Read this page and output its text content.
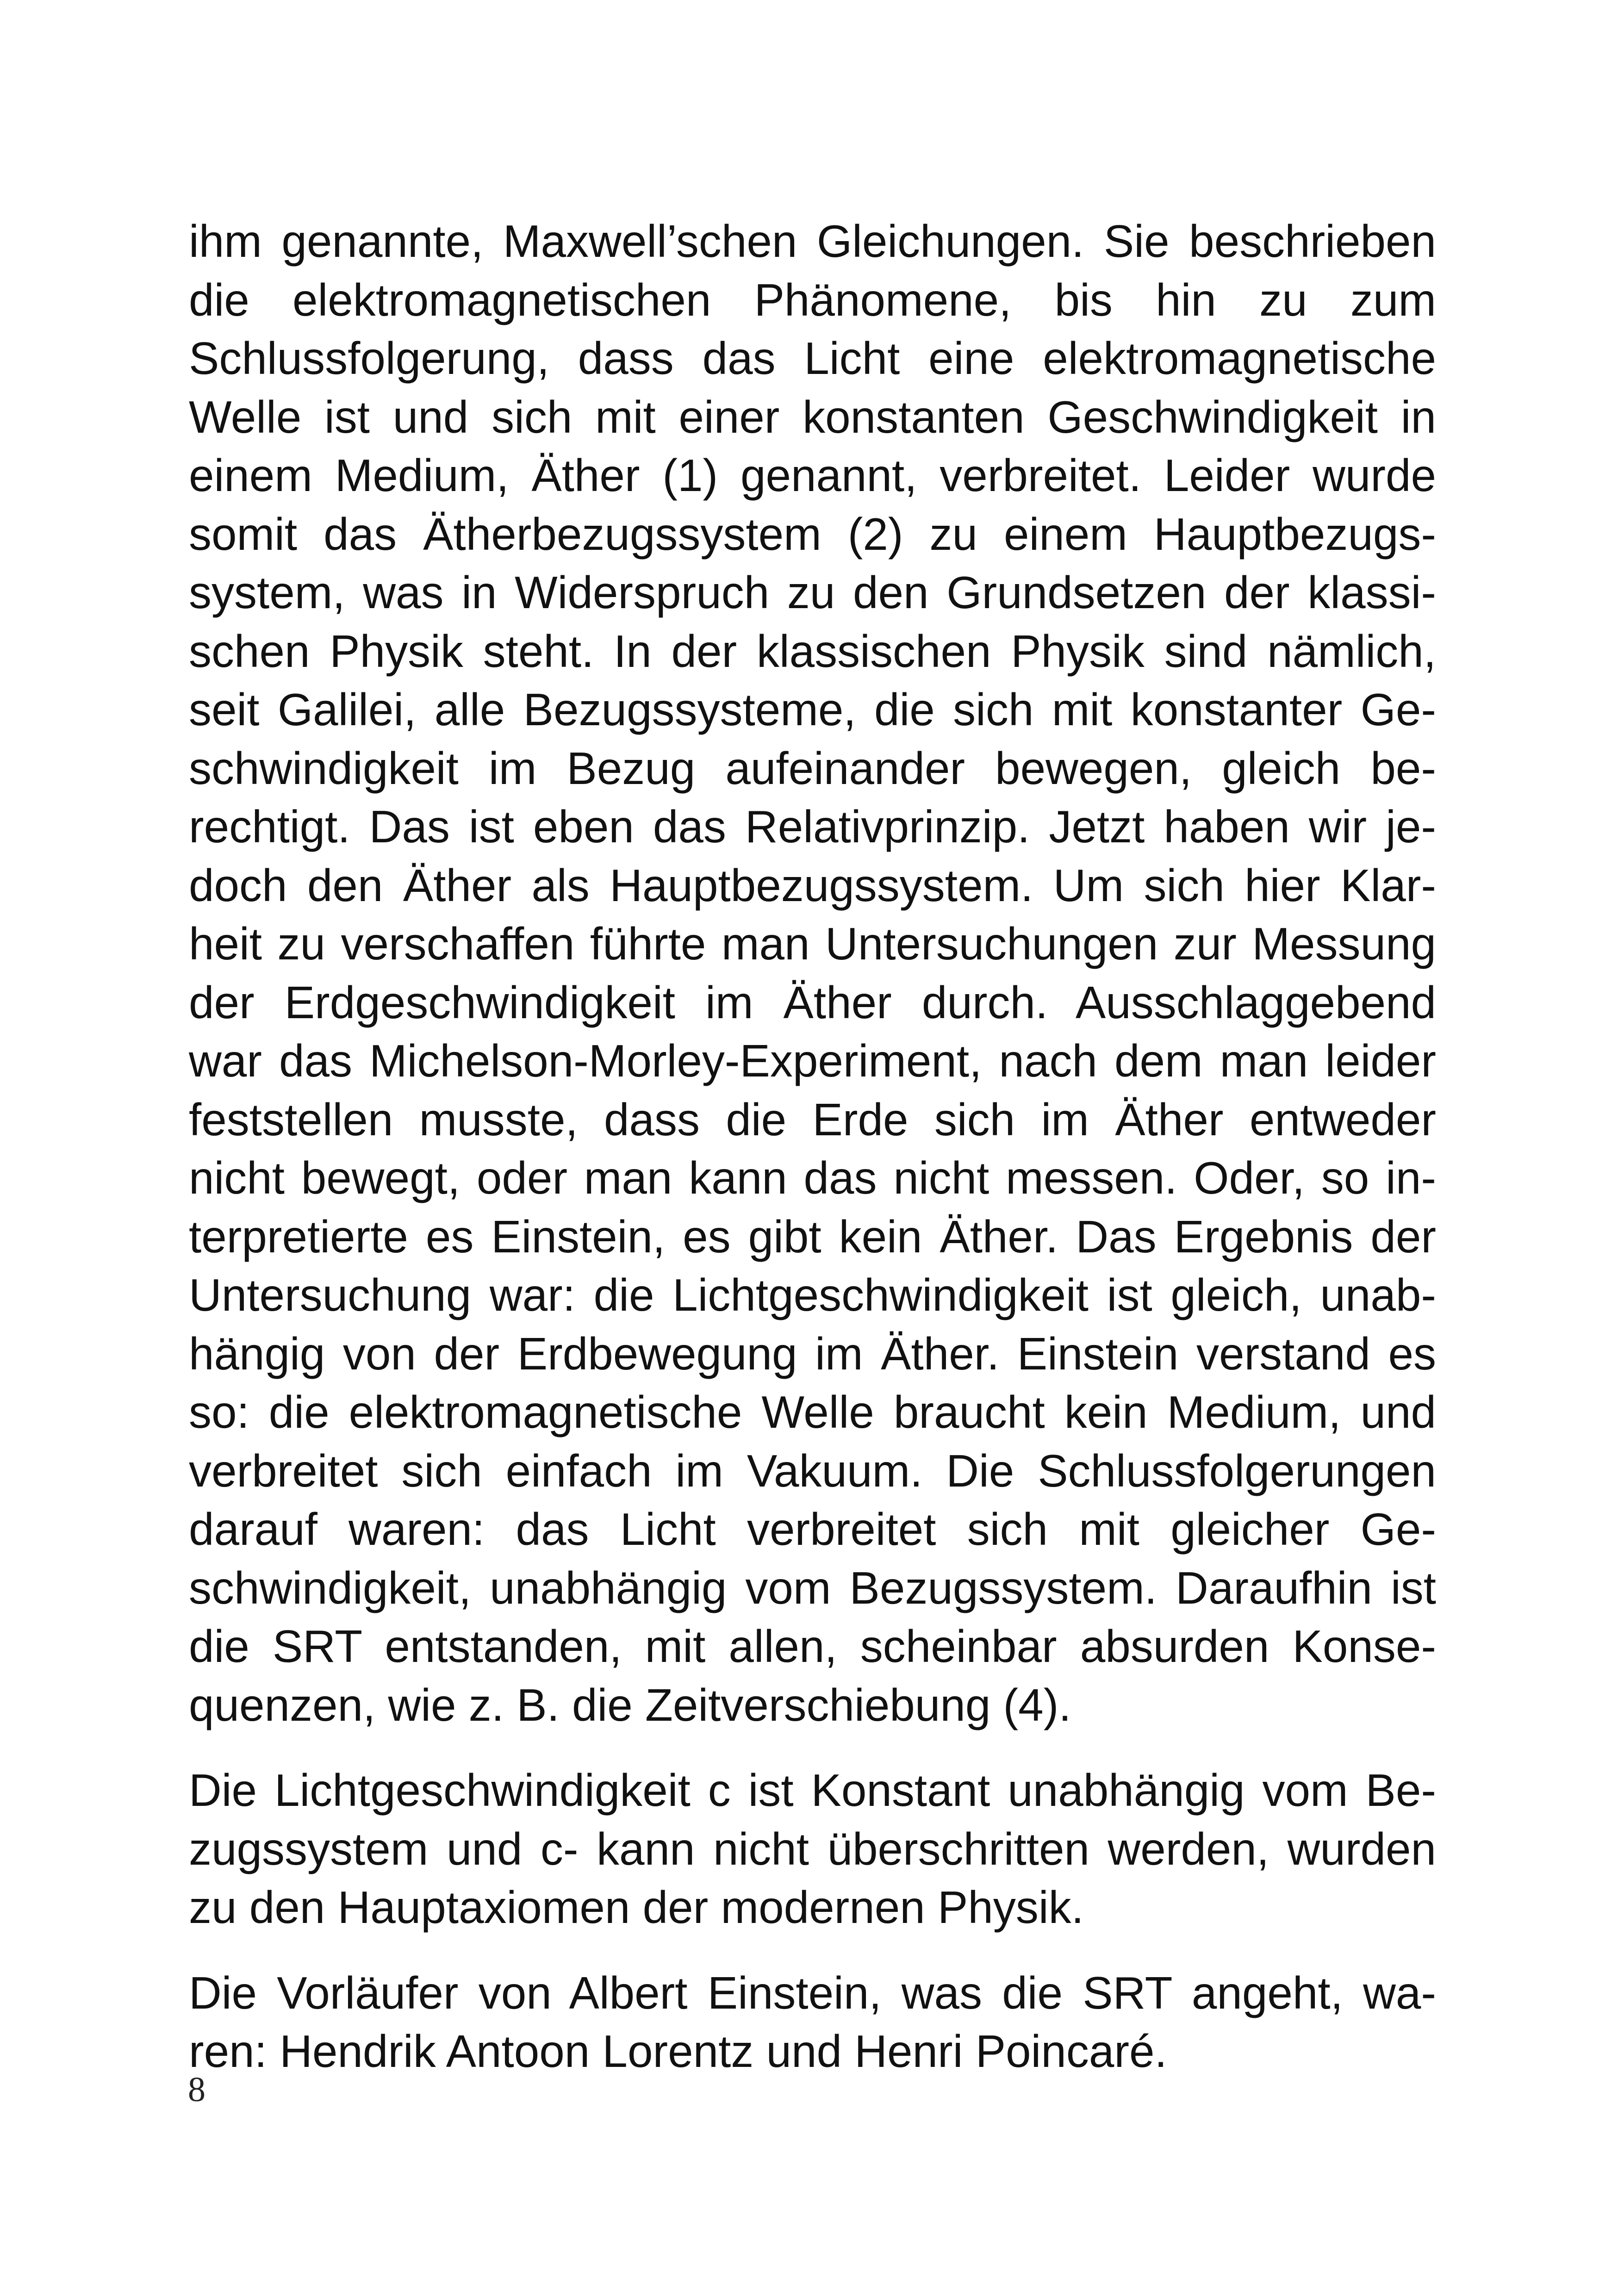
ihm genannte, Maxwell’schen Gleichungen. Sie beschrieben
die elektromagnetischen Phänomene, bis hin zu zum
Schlussfolgerung, dass das Licht eine elektromagnetische
Welle ist und sich mit einer konstanten Geschwindigkeit in
einem Medium, Äther (1) genannt, verbreitet. Leider wurde
somit das Ätherbezugssystem (2) zu einem Hauptbezugs-
system, was in Widerspruch zu den Grundsetzen der klassi-
schen Physik steht. In der klassischen Physik sind nämlich,
seit Galilei, alle Bezugssysteme, die sich mit konstanter Ge-
schwindigkeit im Bezug aufeinander bewegen, gleich be-
rechtigt. Das ist eben das Relativprinzip. Jetzt haben wir je-
doch den Äther als Hauptbezugssystem. Um sich hier Klar-
heit zu verschaffen führte man Untersuchungen zur Messung
der Erdgeschwindigkeit im Äther durch. Ausschlaggebend
war das Michelson-Morley-Experiment, nach dem man leider
feststellen musste, dass die Erde sich im Äther entweder
nicht bewegt, oder man kann das nicht messen. Oder, so in-
terpretierte es Einstein, es gibt kein Äther. Das Ergebnis der
Untersuchung war: die Lichtgeschwindigkeit ist gleich, unab-
hängig von der Erdbewegung im Äther. Einstein verstand es
so: die elektromagnetische Welle braucht kein Medium, und
verbreitet sich einfach im Vakuum. Die Schlussfolgerungen
darauf waren: das Licht verbreitet sich mit gleicher Ge-
schwindigkeit, unabhängig vom Bezugssystem. Daraufhin ist
die SRT entstanden, mit allen, scheinbar absurden Konse-
quenzen, wie z. B. die Zeitverschiebung (4).

Die Lichtgeschwindigkeit c ist Konstant unabhängig vom Be-
zugssystem und c- kann nicht überschritten werden, wurden
zu den Hauptaxiomen der modernen Physik.

Die Vorläufer von Albert Einstein, was die SRT angeht, wa-
ren: Hendrik Antoon Lorentz und Henri Poincaré.

8
